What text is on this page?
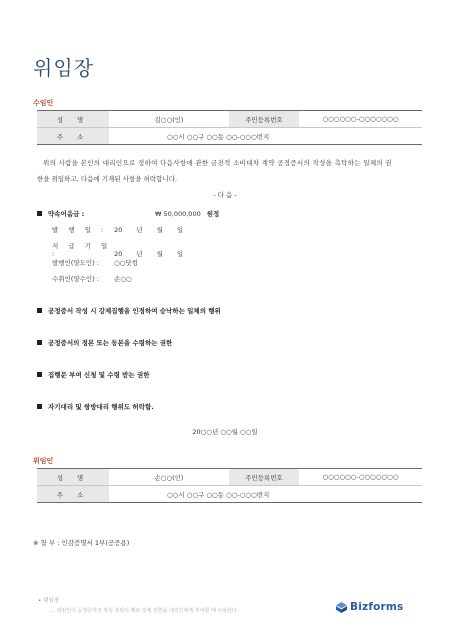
위임장
수임인
성 명	김○○(인)	주민등록번호	○○○○○○-○○○○○○○
주 소	○○시 ○○구 ○○동 ○○-○○○번지		
위의 사람을 본인의 대리인으로 정하여 다음사항에 관한 금전적 소비대차 계약 공정증서의 작성을 촉탁하는 일체의 권
한을 위임하고, 다음에 기재된 사항을 허락합니다.
- 다 음 -
약속어음금 :	₩ 50,000,000 원정
발 행 일 : 20 년 월 일
지 급 기 일 :	20 년 월 일
발행인(양도인) : ○○닷컴
수취인(양수인) : 손○○
공정증서 작성 시 강제집행을 인정하여 승낙하는 일체의 행위
공정증서의 정본 또는 등본을 수령하는 권한
집행문 부여 신청 및 수령 받는 권한
자기대리 및 쌍방대리 행위도 허락함.
20○○년 ○○월 ○○일
위임인
성 명	손○○(인)	주민등록번호	○○○○○○-○○○○○○○
주 소	○○시 ○○구 ○○동 ○○-○○○번지		
※ 첨 부 : 인감증명서 1부(공증용)
• 위임장
… 위임인이 공정증서의 작성 촉탁의 행위 일체 권한을 대리인에게 부여할 때 사용한다.	Bizforms
